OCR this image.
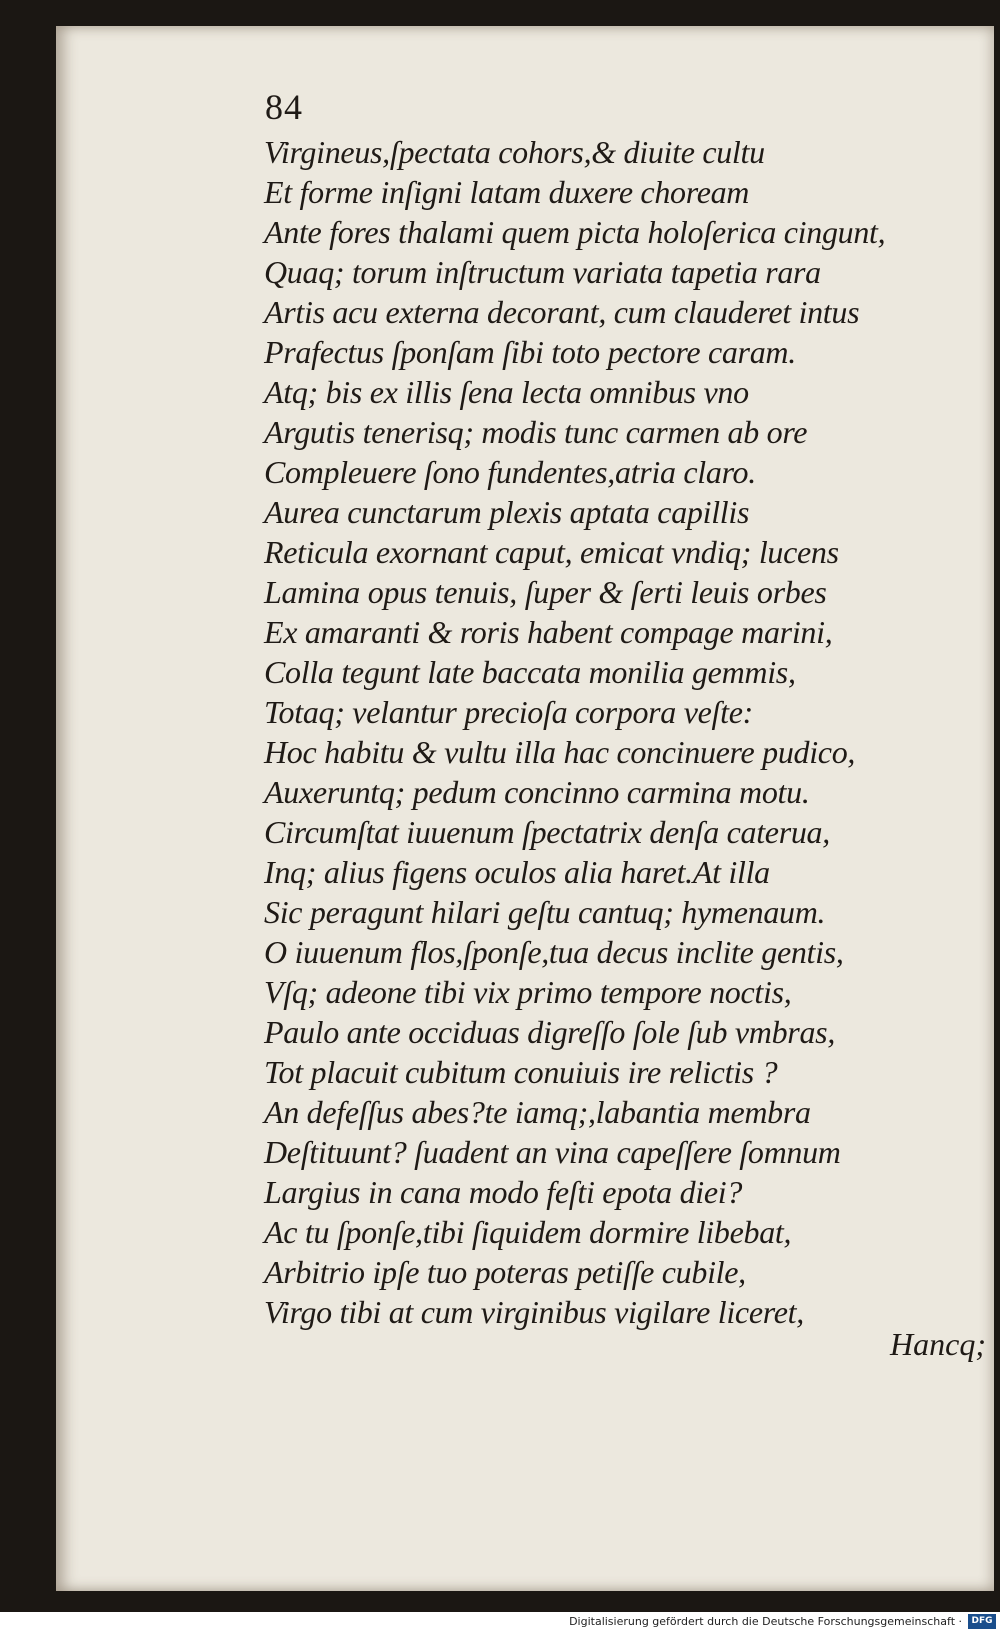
84

Virgineus,ſpectata cohors,& diuite cultu
Et forme inſigni latam duxere choream
Ante fores thalami quem picta holoſerica cingunt,
Quaq; torum inſtructum variata tapetia rara
Artis acu externa decorant, cum clauderet intus
Prafectus ſponſam ſibi toto pectore caram.
Atq; bis ex illis ſena lecta omnibus vno
Argutis tenerisq; modis tunc carmen ab ore
Compleuere ſono fundentes,atria claro.
Aurea cunctarum plexis aptata capillis
Reticula exornant caput, emicat vndiq; lucens
Lamina opus tenuis, ſuper & ſerti leuis orbes
Ex amaranti & roris habent compage marini,
Colla tegunt late baccata monilia gemmis,
Totaq; velantur precioſa corpora veſte:
Hoc habitu & vultu illa hac concinuere pudico,
Auxeruntq; pedum concinno carmina motu.
Circumſtat iuuenum ſpectatrix denſa caterua,
Inq; alius figens oculos alia haret.At illa
Sic peragunt hilari geſtu cantuq; hymenaum.
O iuuenum flos,ſponſe,tua decus inclite gentis,
Vſq; adeone tibi vix primo tempore noctis,
Paulo ante occiduas digreſſo ſole ſub vmbras,
Tot placuit cubitum conuiuis ire relictis ?
An defeſſus abes?te iamq;,labantia membra
Deſtituunt? ſuadent an vina capeſſere ſomnum
Largius in cana modo feſti epota diei?
Ac tu ſponſe,tibi ſiquidem dormire libebat,
Arbitrio ipſe tuo poteras petiſſe cubile,
Virgo tibi at cum virginibus vigilare liceret,
Hancq;
Digitalisierung gefördert durch die Deutsche Forschungsgemeinschaft ·	DFG
